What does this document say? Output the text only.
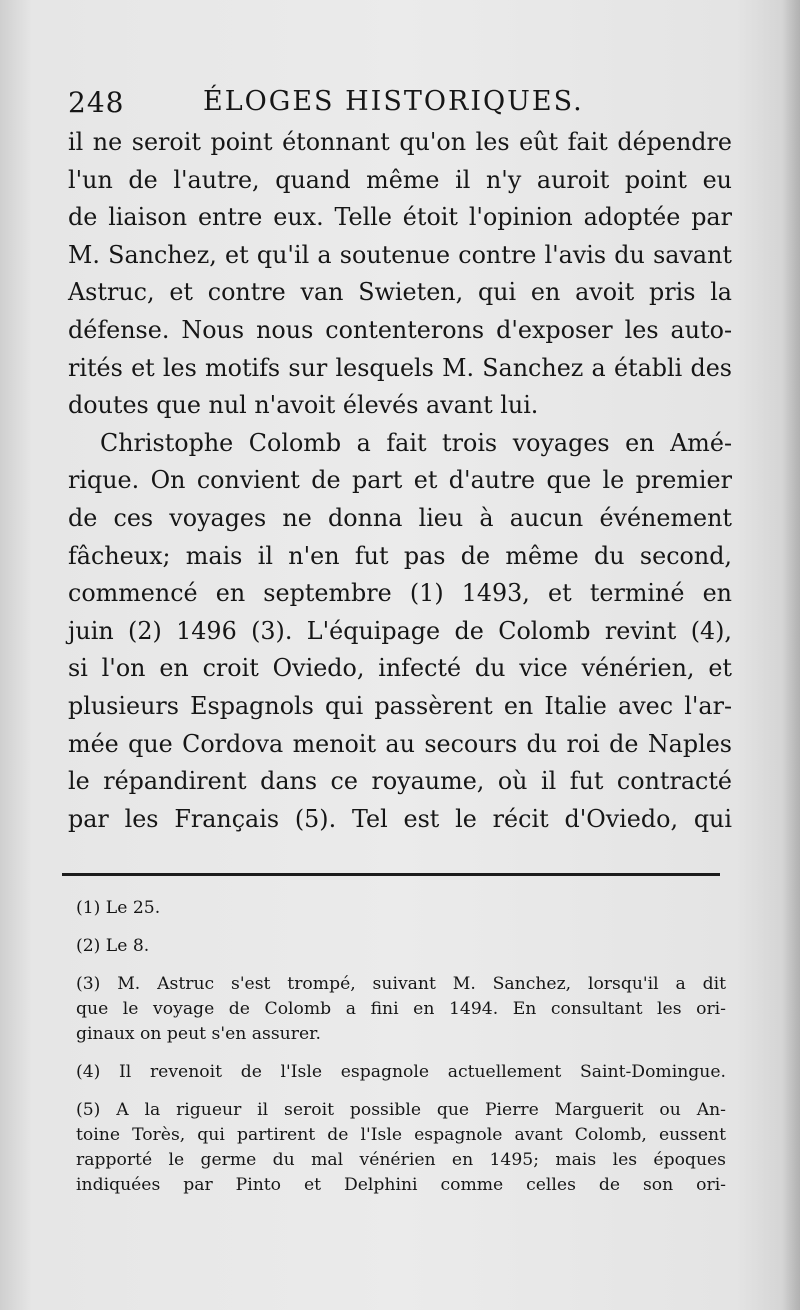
248	ÉLOGES HISTORIQUES.
il ne seroit point étonnant qu'on les eût fait dépendre
l'un de l'autre, quand même il n'y auroit point eu
de liaison entre eux. Telle étoit l'opinion adoptée par
M. Sanchez, et qu'il a soutenue contre l'avis du savant
Astruc, et contre van Swieten, qui en avoit pris la
défense. Nous nous contenterons d'exposer les auto-
rités et les motifs sur lesquels M. Sanchez a établi des
doutes que nul n'avoit élevés avant lui.
Christophe Colomb a fait trois voyages en Amé-
rique. On convient de part et d'autre que le premier
de ces voyages ne donna lieu à aucun événement
fâcheux; mais il n'en fut pas de même du second,
commencé en septembre (1) 1493, et terminé en
juin (2) 1496 (3). L'équipage de Colomb revint (4),
si l'on en croit Oviedo, infecté du vice vénérien, et
plusieurs Espagnols qui passèrent en Italie avec l'ar-
mée que Cordova menoit au secours du roi de Naples
le répandirent dans ce royaume, où il fut contracté
par les Français (5). Tel est le récit d'Oviedo, qui
(1) Le 25.
(2) Le 8.
(3) M. Astruc s'est trompé, suivant M. Sanchez, lorsqu'il a dit
que le voyage de Colomb a fini en 1494. En consultant les ori-
ginaux on peut s'en assurer.
(4) Il revenoit de l'Isle espagnole actuellement Saint-Domingue.
(5) A la rigueur il seroit possible que Pierre Marguerit ou An-
toine Torès, qui partirent de l'Isle espagnole avant Colomb, eussent
rapporté le germe du mal vénérien en 1495; mais les époques
indiquées par Pinto et Delphini comme celles de son ori-
